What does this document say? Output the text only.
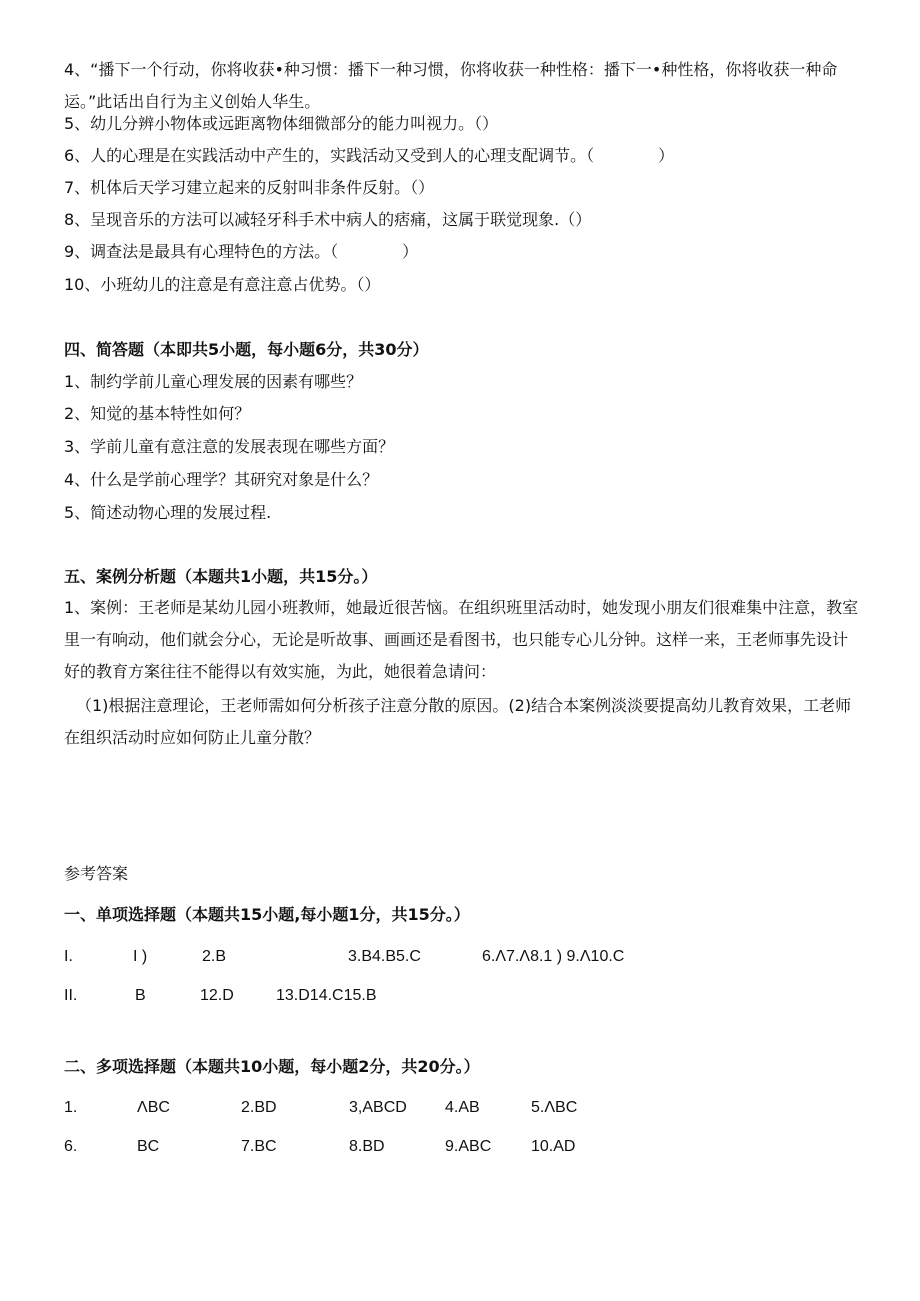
4、“播下一个行动，你将收获•种习惯：播下一种习惯，你将收获一种性格：播下一•种性格，你将收获一种命运。”此话出自行为主义创始人华生。
5、幼儿分辨小物体或远距离物体细微部分的能力叫视力。（）
6、人的心理是在实践活动中产生的，实践活动又受到人的心理支配调节。（　　　　）
7、机体后天学习建立起来的反射叫非条件反射。（）
8、呈现音乐的方法可以减轻牙科手术中病人的痞痛，这属于联觉现象.（）
9、调查法是最具有心理特色的方法。（　　　　）
10、小班幼儿的注意是有意注意占优势。（）
四、简答题（本即共5小题，每小题6分，共30分）
1、制约学前儿童心理发展的因素有哪些？
2、知觉的基本特性如何？
3、学前儿童有意注意的发展表现在哪些方面？
4、什么是学前心理学？其研究对象是什么？
5、简述动物心理的发展过程.
五、案例分析题（本题共1小题，共15分。）
1、案例：王老师是某幼儿园小班教师，她最近很苦恼。在组织班里活动时，她发现小朋友们很难集中注意，教室里一有响动，他们就会分心，无论是听故事、画画还是看图书，也只能专心儿分钟。这样一来，王老师事先设计好的教育方案往往不能得以有效实施，为此，她很着急请问：
（1)根据注意理论，王老师需如何分析孩子注意分散的原因。(2)结合本案例淡淡要提高幼儿教育效果，工老师在组织活动时应如何防止儿童分散？
参考答案
一、单项选择题（本题共15小题,每小题1分，共15分。）
I.	I )	2.B	3.B4.B5.C	6.Λ7.Λ8.1 ) 9.Λ10.C
II.	B	12.D	13.D14.C15.B
二、多项选择题（本题共10小题，每小题2分，共20分。）
1.	ΛBC	2.BD	3,ABCD 4.AB	5.ΛBC
6.	BC	7.BC	8.BD	9.ABC 10.AD
